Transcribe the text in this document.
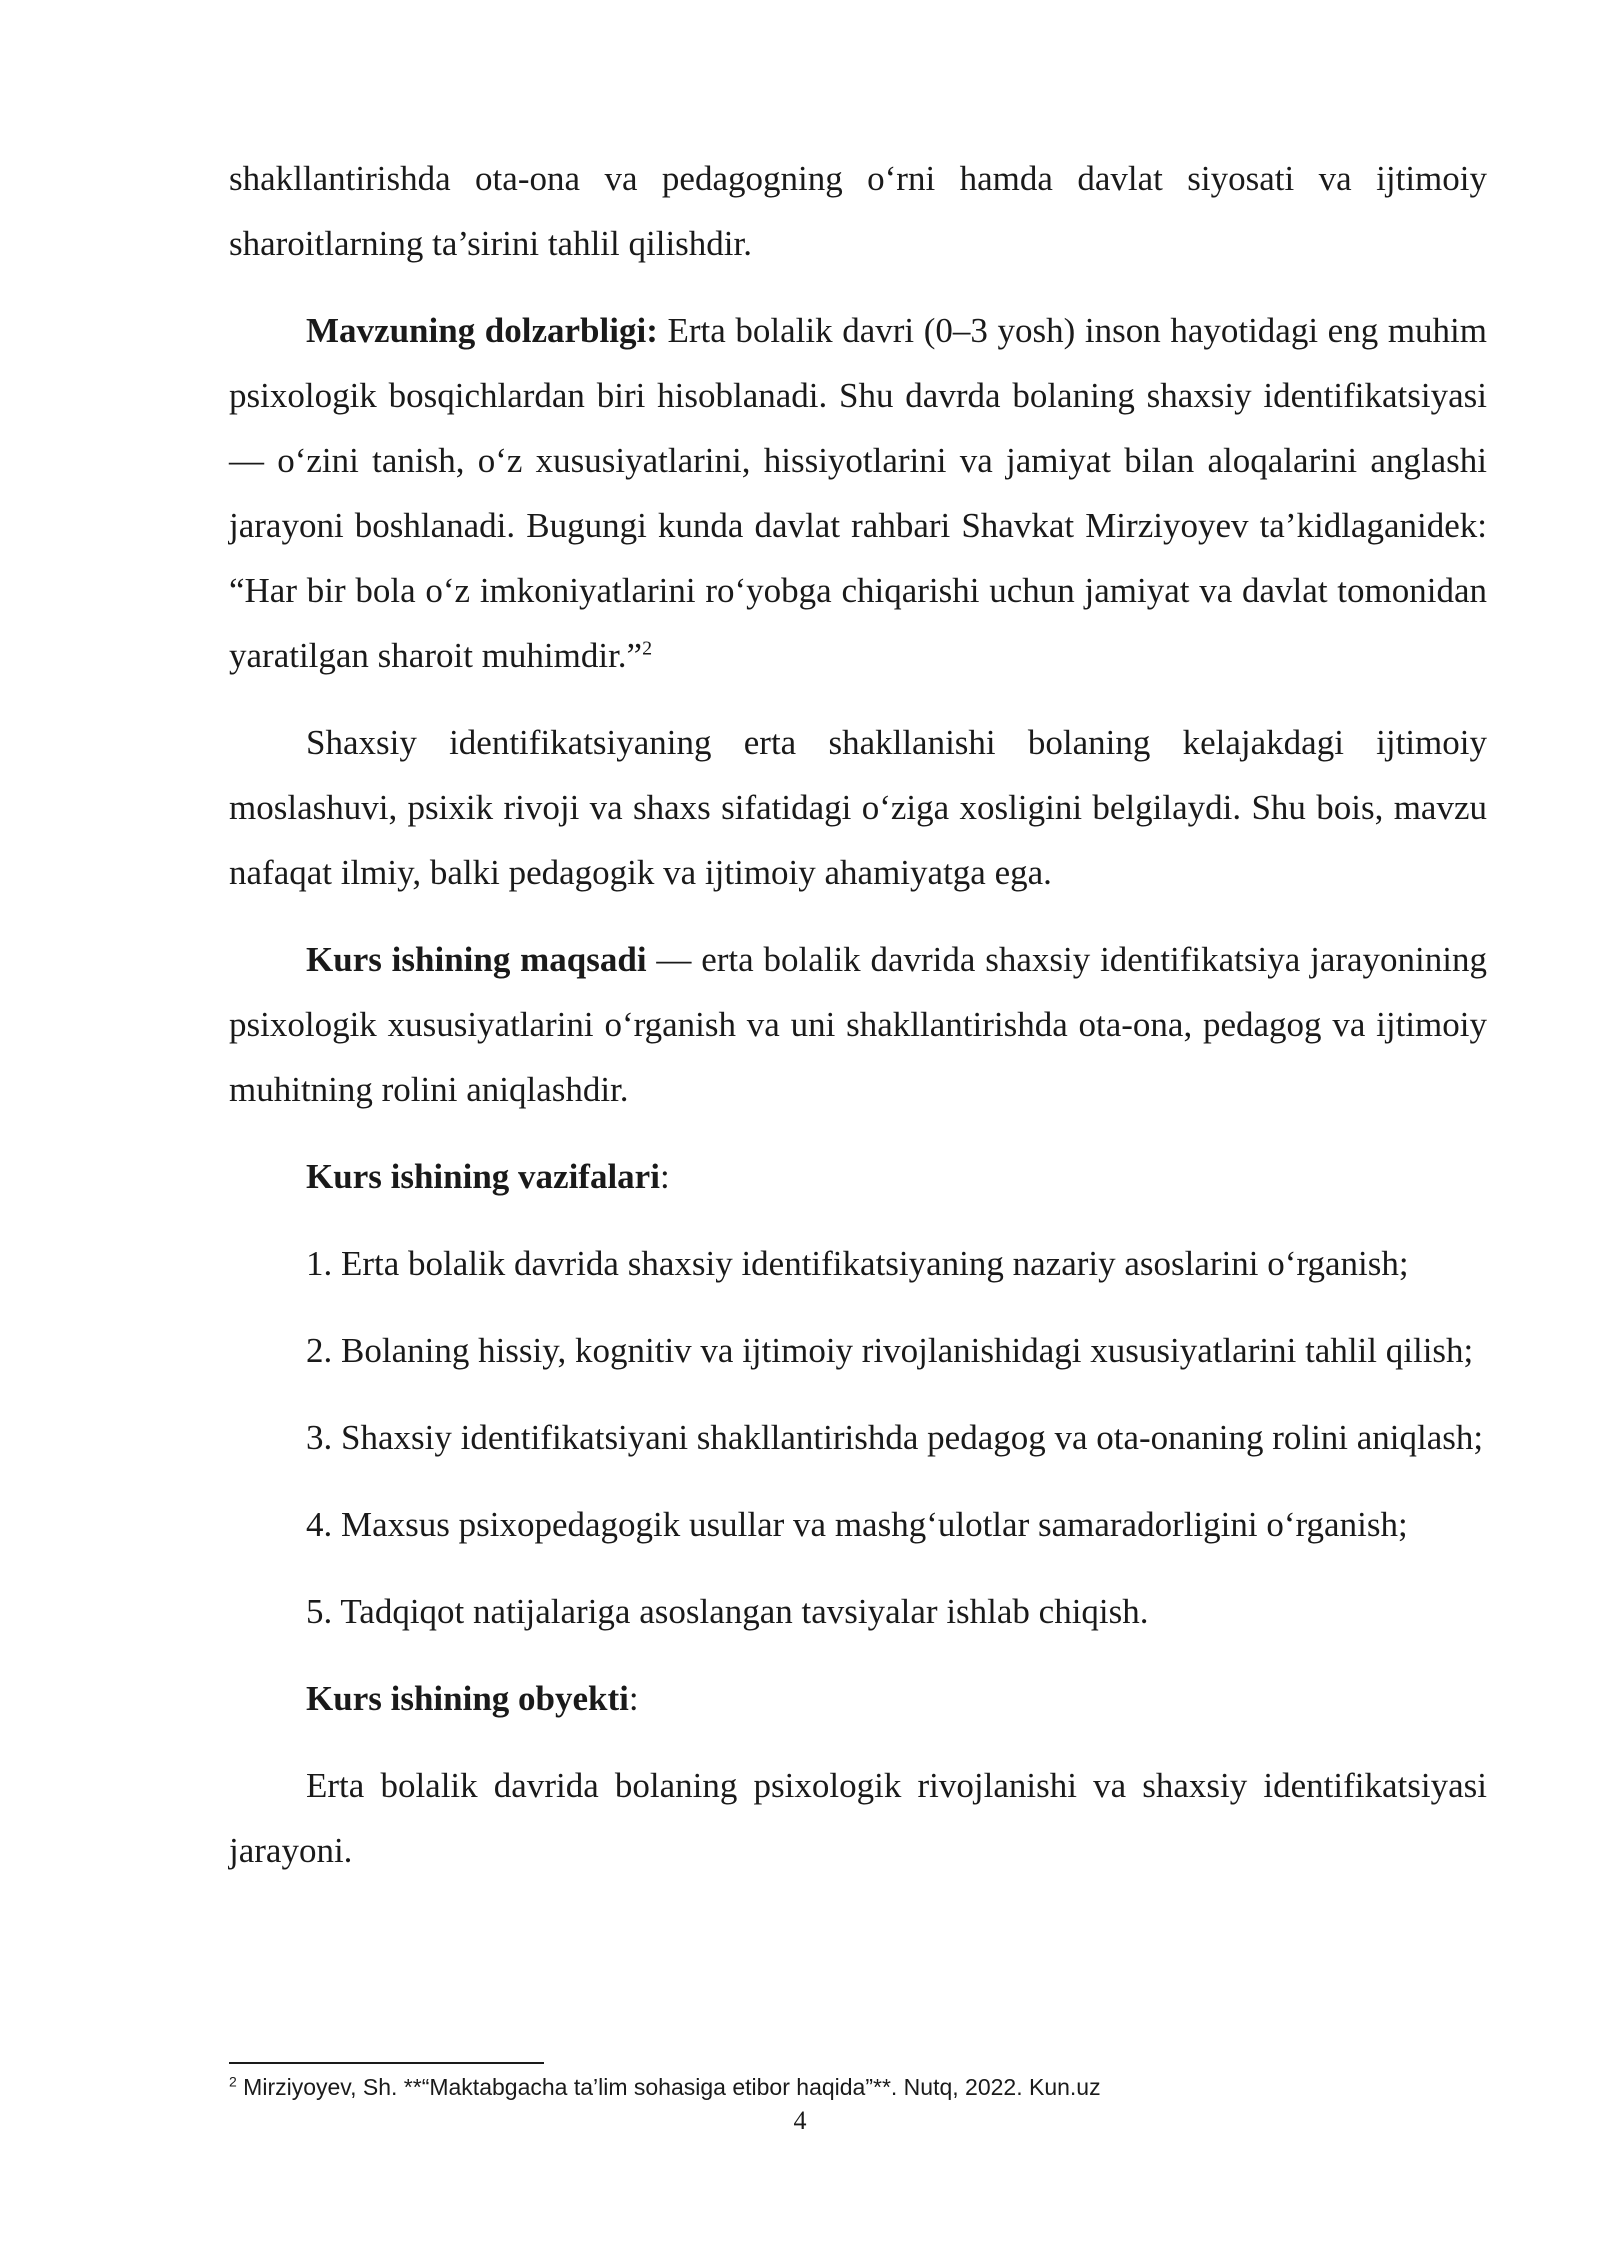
shakllantirishda ota-ona va pedagogning o‘rni hamda davlat siyosati va ijtimoiy sharoitlarning ta’sirini tahlil qilishdir.

Mavzuning dolzarbligi: Erta bolalik davri (0–3 yosh) inson hayotidagi eng muhim psixologik bosqichlardan biri hisoblanadi. Shu davrda bolaning shaxsiy identifikatsiyasi — o‘zini tanish, o‘z xususiyatlarini, hissiyotlarini va jamiyat bilan aloqalarini anglashi jarayoni boshlanadi. Bugungi kunda davlat rahbari Shavkat Mirziyoyev ta’kidlaganidek: “Har bir bola o‘z imkoniyatlarini ro‘yobga chiqarishi uchun jamiyat va davlat tomonidan yaratilgan sharoit muhimdir.”$^2$

Shaxsiy identifikatsiyaning erta shakllanishi bolaning kelajakdagi ijtimoiy moslashuvi, psixik rivoji va shaxs sifatidagi o‘ziga xosligini belgilaydi. Shu bois, mavzu nafaqat ilmiy, balki pedagogik va ijtimoiy ahamiyatga ega.

Kurs ishining maqsadi — erta bolalik davrida shaxsiy identifikatsiya jarayonining psixologik xususiyatlarini o‘rganish va uni shakllantirishda ota-ona, pedagog va ijtimoiy muhitning rolini aniqlashdir.

Kurs ishining vazifalari:

1. Erta bolalik davrida shaxsiy identifikatsiyaning nazariy asoslarini o‘rganish;

2. Bolaning hissiy, kognitiv va ijtimoiy rivojlanishidagi xususiyatlarini tahlil qilish;

3. Shaxsiy identifikatsiyani shakllantirishda pedagog va ota-onaning rolini aniqlash;

4. Maxsus psixopedagogik usullar va mashg‘ulotlar samaradorligini o‘rganish;

5. Tadqiqot natijalariga asoslangan tavsiyalar ishlab chiqish.

Kurs ishining obyekti:

Erta bolalik davrida bolaning psixologik rivojlanishi va shaxsiy identifikatsiyasi jarayoni.

$^2$ Mirziyoyev, Sh. **“Maktabgacha ta’lim sohasiga etibor haqida”**. Nutq, 2022. Kun.uz
4
